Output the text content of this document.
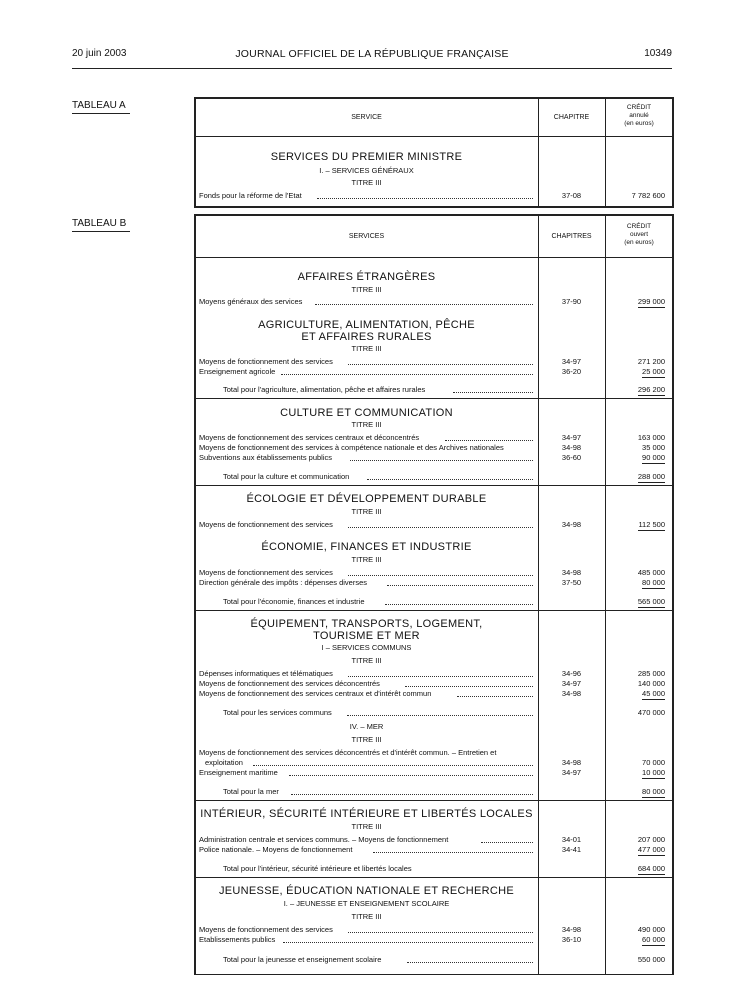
20 juin 2003	JOURNAL OFFICIEL DE LA RÉPUBLIQUE FRANÇAISE	10349
TABLEAU A
SERVICE	CHAPITRE
CRÉDIT
annulé
(en euros)
SERVICES DU PREMIER MINISTRE
I. – SERVICES GÉNÉRAUX
TITRE III
Fonds pour la réforme de l'Etat	37-08	7 782 600
TABLEAU B
SERVICES	CHAPITRES
CRÉDIT
ouvert
(en euros)
AFFAIRES ÉTRANGÈRES
TITRE III
Moyens généraux des services	37-90	299 000
AGRICULTURE, ALIMENTATION, PÊCHE
ET AFFAIRES RURALES
TITRE III
Moyens de fonctionnement des services	34-97	271 200
Enseignement agricole	36-20	25 000
Total pour l'agriculture, alimentation, pêche et affaires rurales	296 200
CULTURE ET COMMUNICATION
TITRE III
Moyens de fonctionnement des services centraux et déconcentrés	34-97	163 000
Moyens de fonctionnement des services à compétence nationale et des Archives nationales	34-98	35 000
Subventions aux établissements publics	36-60	90 000
Total pour la culture et communication	288 000
ÉCOLOGIE ET DÉVELOPPEMENT DURABLE
TITRE III
Moyens de fonctionnement des services	34-98	112 500
ÉCONOMIE, FINANCES ET INDUSTRIE
TITRE III
Moyens de fonctionnement des services	34-98	485 000
Direction générale des impôts : dépenses diverses	37-50	80 000
Total pour l'économie, finances et industrie	565 000
ÉQUIPEMENT, TRANSPORTS, LOGEMENT,
TOURISME ET MER
I – SERVICES COMMUNS
TITRE III
Dépenses informatiques et télématiques	34-96	285 000
Moyens de fonctionnement des services déconcentrés	34-97	140 000
Moyens de fonctionnement des services centraux et d'intérêt commun	34-98	45 000
Total pour les services communs	470 000
IV. – MER
TITRE III
Moyens de fonctionnement des services déconcentrés et d'intérêt commun. – Entretien et
exploitation	34-98	70 000
Enseignement maritime	34-97	10 000
Total pour la mer	80 000
INTÉRIEUR, SÉCURITÉ INTÉRIEURE ET LIBERTÉS LOCALES
TITRE III
Administration centrale et services communs. – Moyens de fonctionnement	34-01	207 000
Police nationale. – Moyens de fonctionnement	34-41	477 000
Total pour l'intérieur, sécurité intérieure et libertés locales	684 000
JEUNESSE, ÉDUCATION NATIONALE ET RECHERCHE
I. – JEUNESSE ET ENSEIGNEMENT SCOLAIRE
TITRE III
Moyens de fonctionnement des services	34-98	490 000
Etablissements publics	36-10	60 000
Total pour la jeunesse et enseignement scolaire	550 000
